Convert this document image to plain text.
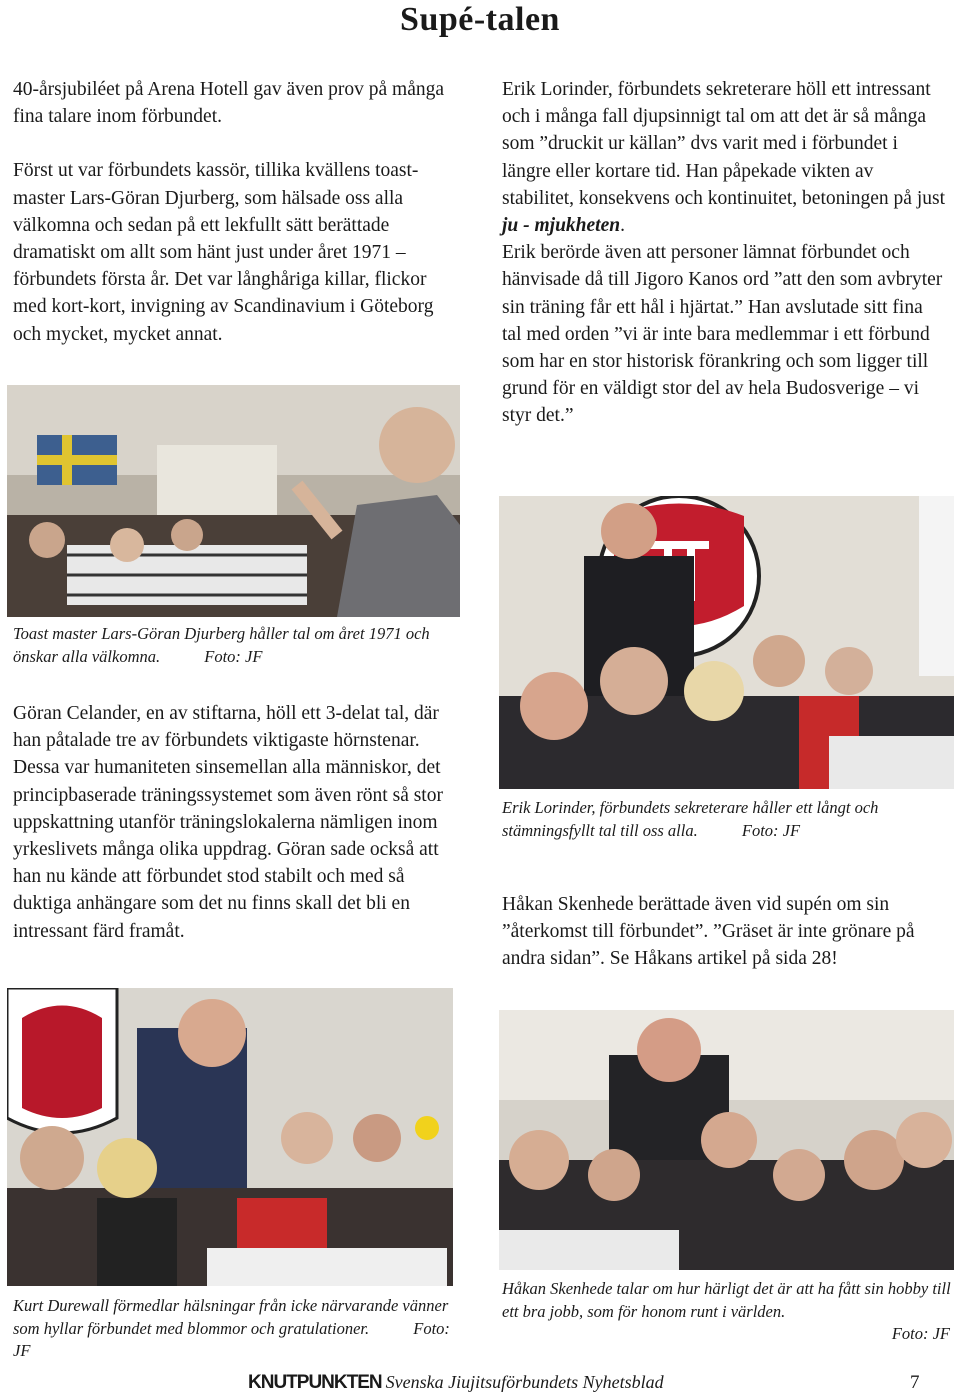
Supé-talen

40-årsjubiléet på Arena Hotell gav även prov på många fina talare inom förbundet.

Först ut var förbundets kassör, tillika kvällens toast-master Lars-Göran Djurberg, som hälsade oss alla välkomna och sedan på ett lekfullt sätt berättade dramatiskt om allt som hänt just under året 1971 – förbundets första år. Det var långhåriga killar, flickor med kort-kort, invigning av Scandinavium i Göteborg och mycket, mycket annat.

Toast master Lars-Göran Djurberg håller tal om året 1971 och önskar alla välkomna.	Foto: JF

Göran Celander, en av stiftarna, höll ett 3-delat tal, där han påtalade tre av förbundets viktigaste hörnstenar. Dessa var humaniteten sinsemellan alla människor, det principbaserade träningssystemet som även rönt så stor uppskattning utanför träningslokalerna nämligen inom yrkeslivets många olika uppdrag. Göran sade också att han nu kände att förbundet stod stabilt och med så duktiga anhängare som det nu finns skall det bli en intressant färd framåt.

Kurt Durewall förmedlar hälsningar från icke närvarande vänner som hyllar förbundet med blommor och gratulationer.	Foto: JF

Erik Lorinder, förbundets sekreterare höll ett intressant och i många fall djupsinnigt tal om att det är så många som ”druckit ur källan” dvs varit med i förbundet i längre eller kortare tid. Han påpekade vikten av stabilitet, konsekvens och kontinuitet, betoningen på just
ju - mjukheten.

Erik berörde även att personer lämnat förbundet och hänvisade då till Jigoro Kanos ord ”att den som avbryter sin träning får ett hål i hjärtat.” Han avslutade sitt fina tal med orden ”vi är inte bara medlemmar i ett förbund som har en stor historisk förankring och som ligger till grund för en väldigt stor del av hela Budosverige – vi styr det.”

Erik Lorinder, förbundets sekreterare håller ett långt och stämningsfyllt tal till oss alla.	Foto: JF

Håkan Skenhede berättade även vid supén om sin ”återkomst till förbundet”. ”Gräset är inte grönare på andra sidan”. Se Håkans artikel på sida 28!

Håkan Skenhede talar om hur härligt det är att ha fått sin hobby till ett bra jobb, som för honom runt i världen.
Foto: JF
KNUTPUNKTEN Svenska Jiujitsuförbundets Nyhetsblad	7
